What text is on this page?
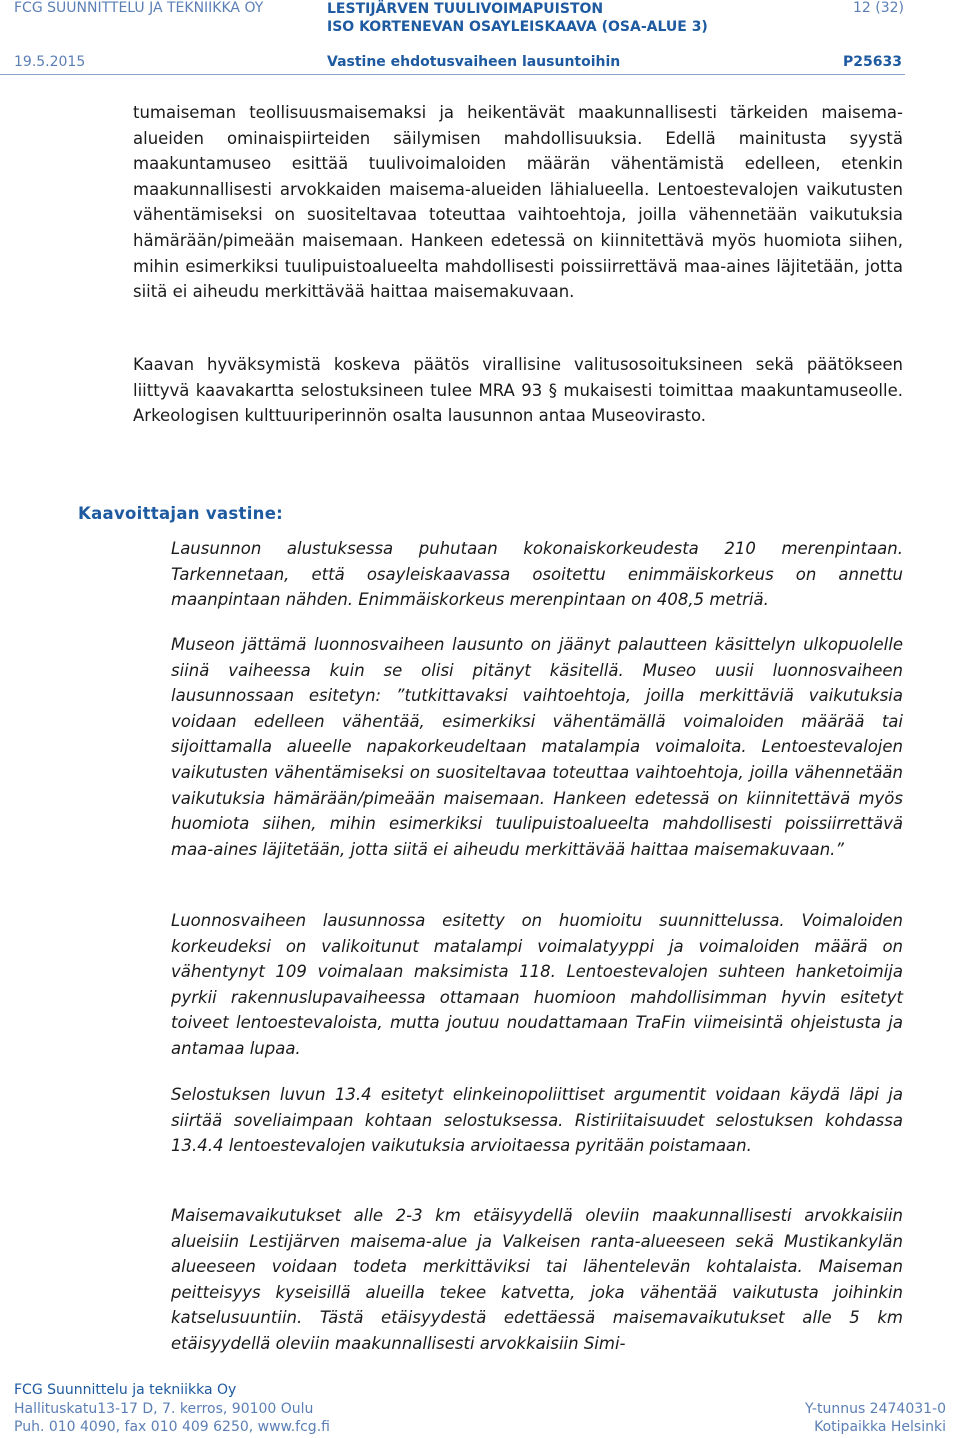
FCG SUUNNITTELU JA TEKNIIKKA OY	LESTIJÄRVEN TUULIVOIMAPUISTON
ISO KORTENEVAN OSAYLEISKAAVA (OSA-ALUE 3)
12 (32)
19.5.2015	Vastine ehdotusvaiheen lausuntoihin	P25633

tumaiseman teollisuusmaisemaksi ja heikentävät maakunnallisesti tärkeiden maisema-alueiden ominaispiirteiden säilymisen mahdollisuuksia. Edellä mainitusta syystä maakuntamuseo esittää tuulivoimaloiden määrän vähentämistä edelleen, etenkin maakunnallisesti arvokkaiden maisema-alueiden lähialueella. Lentoestevalojen vaikutusten vähentämiseksi on suositeltavaa toteuttaa vaihtoehtoja, joilla vähennetään vaikutuksia hämärään/pimeään maisemaan. Hankeen edetessä on kiinnitettävä myös huomiota siihen, mihin esimerkiksi tuulipuistoalueelta mahdollisesti poissiirrettävä maa-aines läjitetään, jotta siitä ei aiheudu merkittävää haittaa maisemakuvaan.

Kaavan hyväksymistä koskeva päätös virallisine valitusosoituksineen sekä päätökseen liittyvä kaavakartta selostuksineen tulee MRA 93 § mukaisesti toimittaa maakuntamuseolle. Arkeologisen kulttuuriperinnön osalta lausunnon antaa Museovirasto.

Kaavoittajan vastine:

Lausunnon alustuksessa puhutaan kokonaiskorkeudesta 210 merenpintaan. Tarkennetaan, että osayleiskaavassa osoitettu enimmäiskorkeus on annettu maanpintaan nähden. Enimmäiskorkeus merenpintaan on 408,5 metriä.

Museon jättämä luonnosvaiheen lausunto on jäänyt palautteen käsittelyn ulkopuolelle siinä vaiheessa kuin se olisi pitänyt käsitellä. Museo uusii luonnosvaiheen lausunnossaan esitetyn: ”tutkittavaksi vaihtoehtoja, joilla merkittäviä vaikutuksia voidaan edelleen vähentää, esimerkiksi vähentämällä voimaloiden määrää tai sijoittamalla alueelle napakorkeudeltaan matalampia voimaloita. Lentoestevalojen vaikutusten vähentämiseksi on suositeltavaa toteuttaa vaihtoehtoja, joilla vähennetään vaikutuksia hämärään/pimeään maisemaan. Hankeen edetessä on kiinnitettävä myös huomiota siihen, mihin esimerkiksi tuulipuistoalueelta mahdollisesti poissiirrettävä maa-aines läjitetään, jotta siitä ei aiheudu merkittävää haittaa maisemakuvaan.”

Luonnosvaiheen lausunnossa esitetty on huomioitu suunnittelussa. Voimaloiden korkeudeksi on valikoitunut matalampi voimalatyyppi ja voimaloiden määrä on vähentynyt 109 voimalaan maksimista 118. Lentoestevalojen suhteen hanketoimija pyrkii rakennuslupavaiheessa ottamaan huomioon mahdollisimman hyvin esitetyt toiveet lentoestevaloista, mutta joutuu noudattamaan TraFin viimeisintä ohjeistusta ja antamaa lupaa.

Selostuksen luvun 13.4 esitetyt elinkeinopoliittiset argumentit voidaan käydä läpi ja siirtää soveliaimpaan kohtaan selostuksessa. Ristiriitaisuudet selostuksen kohdassa 13.4.4 lentoestevalojen vaikutuksia arvioitaessa pyritään poistamaan.

Maisemavaikutukset alle 2-3 km etäisyydellä oleviin maakunnallisesti arvokkaisiin alueisiin Lestijärven maisema-alue ja Valkeisen ranta-alueeseen sekä Mustikankylän alueeseen voidaan todeta merkittäviksi tai lähentelevän kohtalaista. Maiseman peitteisyys kyseisillä alueilla tekee katvetta, joka vähentää vaikutusta joihinkin katselusuuntiin. Tästä etäisyydestä edettäessä maisemavaikutukset alle 5 km etäisyydellä oleviin maakunnallisesti arvokkaisiin Simi-

FCG Suunnittelu ja tekniikka Oy
Hallituskatu13-17 D, 7. kerros, 90100 Oulu
Puh. 010 4090, fax 010 409 6250, www.fcg.fi
Y-tunnus 2474031-0
Kotipaikka Helsinki
